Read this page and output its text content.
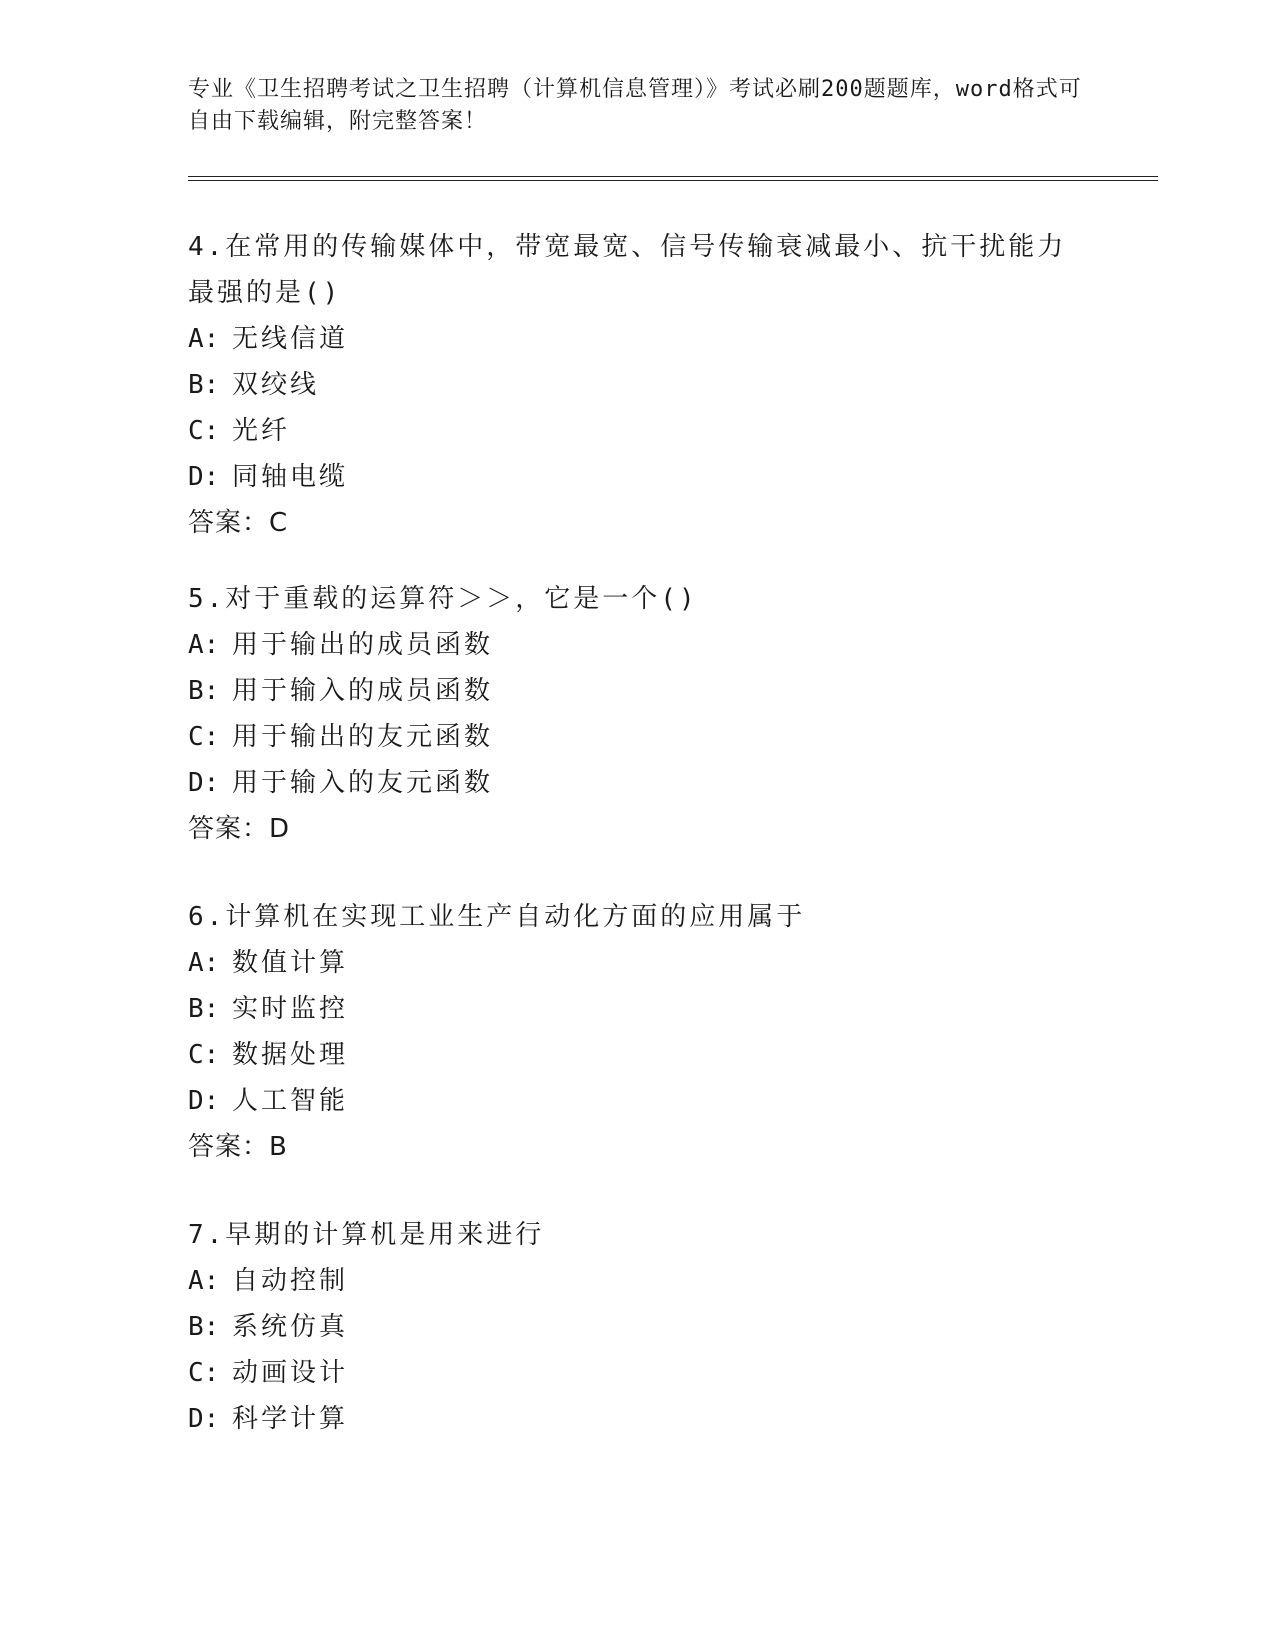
专业《卫生招聘考试之卫生招聘（计算机信息管理）》考试必刷200题题库，word格式可自由下载编辑，附完整答案！
4.在常用的传输媒体中，带宽最宽、信号传输衰减最小、抗干扰能力最强的是()
A: 无线信道
B: 双绞线
C: 光纤
D: 同轴电缆
答案：C
5.对于重载的运算符＞＞，它是一个()
A: 用于输出的成员函数
B: 用于输入的成员函数
C: 用于输出的友元函数
D: 用于输入的友元函数
答案：D
6.计算机在实现工业生产自动化方面的应用属于
A: 数值计算
B: 实时监控
C: 数据处理
D: 人工智能
答案：B
7.早期的计算机是用来进行
A: 自动控制
B: 系统仿真
C: 动画设计
D: 科学计算
